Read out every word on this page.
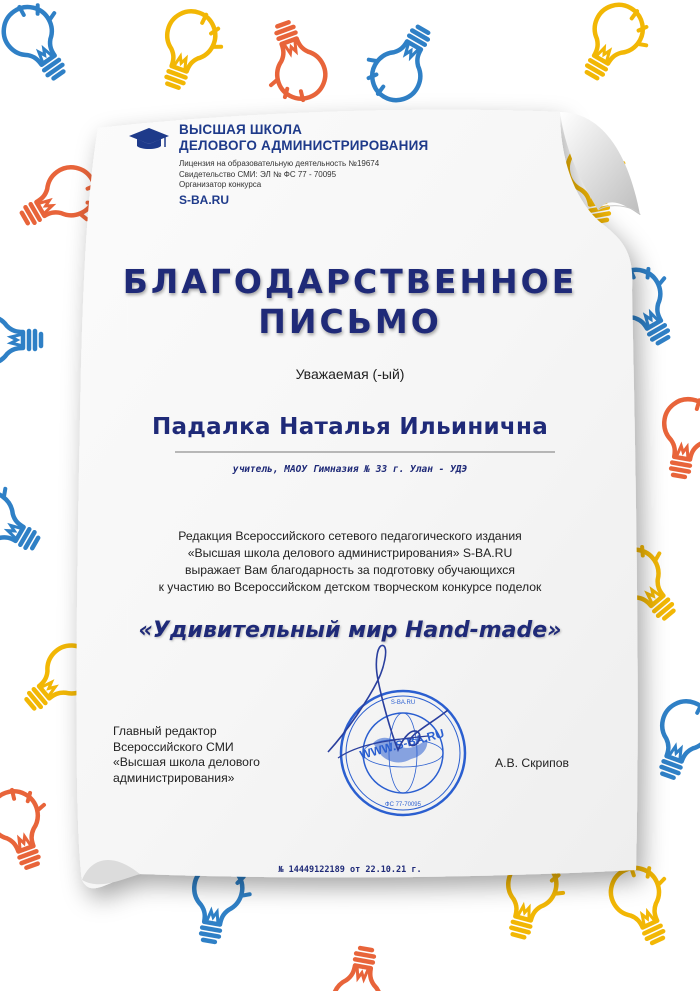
ВЫСШАЯ ШКОЛА
ДЕЛОВОГО АДМИНИСТРИРОВАНИЯ
Лицензия на образовательную деятельность №19674
Свидетельство СМИ: ЭЛ № ФС 77 - 70095
Организатор конкурса
S-BA.RU
БЛАГОДАРСТВЕННОЕ
ПИСЬМО
Уважаемая (-ый)
Падалка Наталья Ильинична
учитель, МАОУ Гимназия № 33 г. Улан - УДЭ
Редакция Всероссийского сетевого педагогического издания
«Высшая школа делового администрирования» S-BA.RU
выражает Вам благодарность за подготовку обучающихся
к участию во Всероссийском детском творческом конкурсе поделок
«Удивительный мир Hand-made»
Главный редактор
Всероссийского СМИ
«Высшая школа делового
администрирования»
WWW.S-BA.RU
ФС 77-70095
S-BA.RU
А.В. Скрипов
№ 14449122189 от 22.10.21 г.
